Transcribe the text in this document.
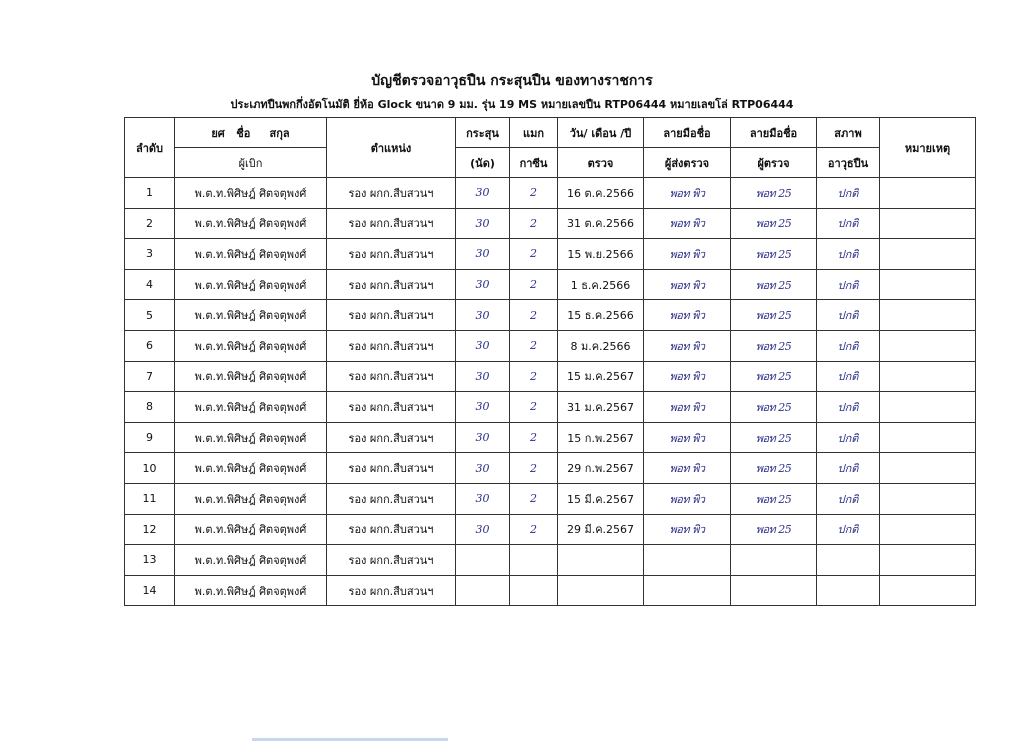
บัญชีตรวจอาวุธปืน กระสุนปืน ของทางราชการ
ประเภทปืนพกกึ่งอัตโนมัติ ยี่ห้อ Glock ขนาด 9 มม. รุ่น 19 MS หมายเลขปืน RTP06444 หมายเลขโล่ RTP06444
ลำดับ	ยศ   ชื่อ     สกุล	ตำแหน่ง	กระสุน	แมก	วัน/ เดือน /ปี	ลายมือชื่อ	ลายมือชื่อ	สภาพ	หมายเหตุ
	ผู้เบิก		(นัด)	กาซีน	ตรวจ	ผู้ส่งตรวจ	ผู้ตรวจ	อาวุธปืน	
1	พ.ต.ท.พิศิษฎ์ ศิตจตุพงศ์	รอง ผกก.สืบสวนฯ	30	2	16 ต.ค.2566	พอท พิว	พอท 25	ปกติ	
2	พ.ต.ท.พิศิษฎ์ ศิตจตุพงศ์	รอง ผกก.สืบสวนฯ	30	2	31 ต.ค.2566	พอท พิว	พอท 25	ปกติ	
3	พ.ต.ท.พิศิษฎ์ ศิตจตุพงศ์	รอง ผกก.สืบสวนฯ	30	2	15 พ.ย.2566	พอท พิว	พอท 25	ปกติ	
4	พ.ต.ท.พิศิษฎ์ ศิตจตุพงศ์	รอง ผกก.สืบสวนฯ	30	2	1 ธ.ค.2566	พอท พิว	พอท 25	ปกติ	
5	พ.ต.ท.พิศิษฎ์ ศิตจตุพงศ์	รอง ผกก.สืบสวนฯ	30	2	15 ธ.ค.2566	พอท พิว	พอท 25	ปกติ	
6	พ.ต.ท.พิศิษฎ์ ศิตจตุพงศ์	รอง ผกก.สืบสวนฯ	30	2	8 ม.ค.2566	พอท พิว	พอท 25	ปกติ	
7	พ.ต.ท.พิศิษฎ์ ศิตจตุพงศ์	รอง ผกก.สืบสวนฯ	30	2	15 ม.ค.2567	พอท พิว	พอท 25	ปกติ	
8	พ.ต.ท.พิศิษฎ์ ศิตจตุพงศ์	รอง ผกก.สืบสวนฯ	30	2	31 ม.ค.2567	พอท พิว	พอท 25	ปกติ	
9	พ.ต.ท.พิศิษฎ์ ศิตจตุพงศ์	รอง ผกก.สืบสวนฯ	30	2	15 ก.พ.2567	พอท พิว	พอท 25	ปกติ	
10	พ.ต.ท.พิศิษฎ์ ศิตจตุพงศ์	รอง ผกก.สืบสวนฯ	30	2	29 ก.พ.2567	พอท พิว	พอท 25	ปกติ	
11	พ.ต.ท.พิศิษฎ์ ศิตจตุพงศ์	รอง ผกก.สืบสวนฯ	30	2	15 มี.ค.2567	พอท พิว	พอท 25	ปกติ	
12	พ.ต.ท.พิศิษฎ์ ศิตจตุพงศ์	รอง ผกก.สืบสวนฯ	30	2	29 มี.ค.2567	พอท พิว	พอท 25	ปกติ	
13	พ.ต.ท.พิศิษฎ์ ศิตจตุพงศ์	รอง ผกก.สืบสวนฯ							
14	พ.ต.ท.พิศิษฎ์ ศิตจตุพงศ์	รอง ผกก.สืบสวนฯ							
